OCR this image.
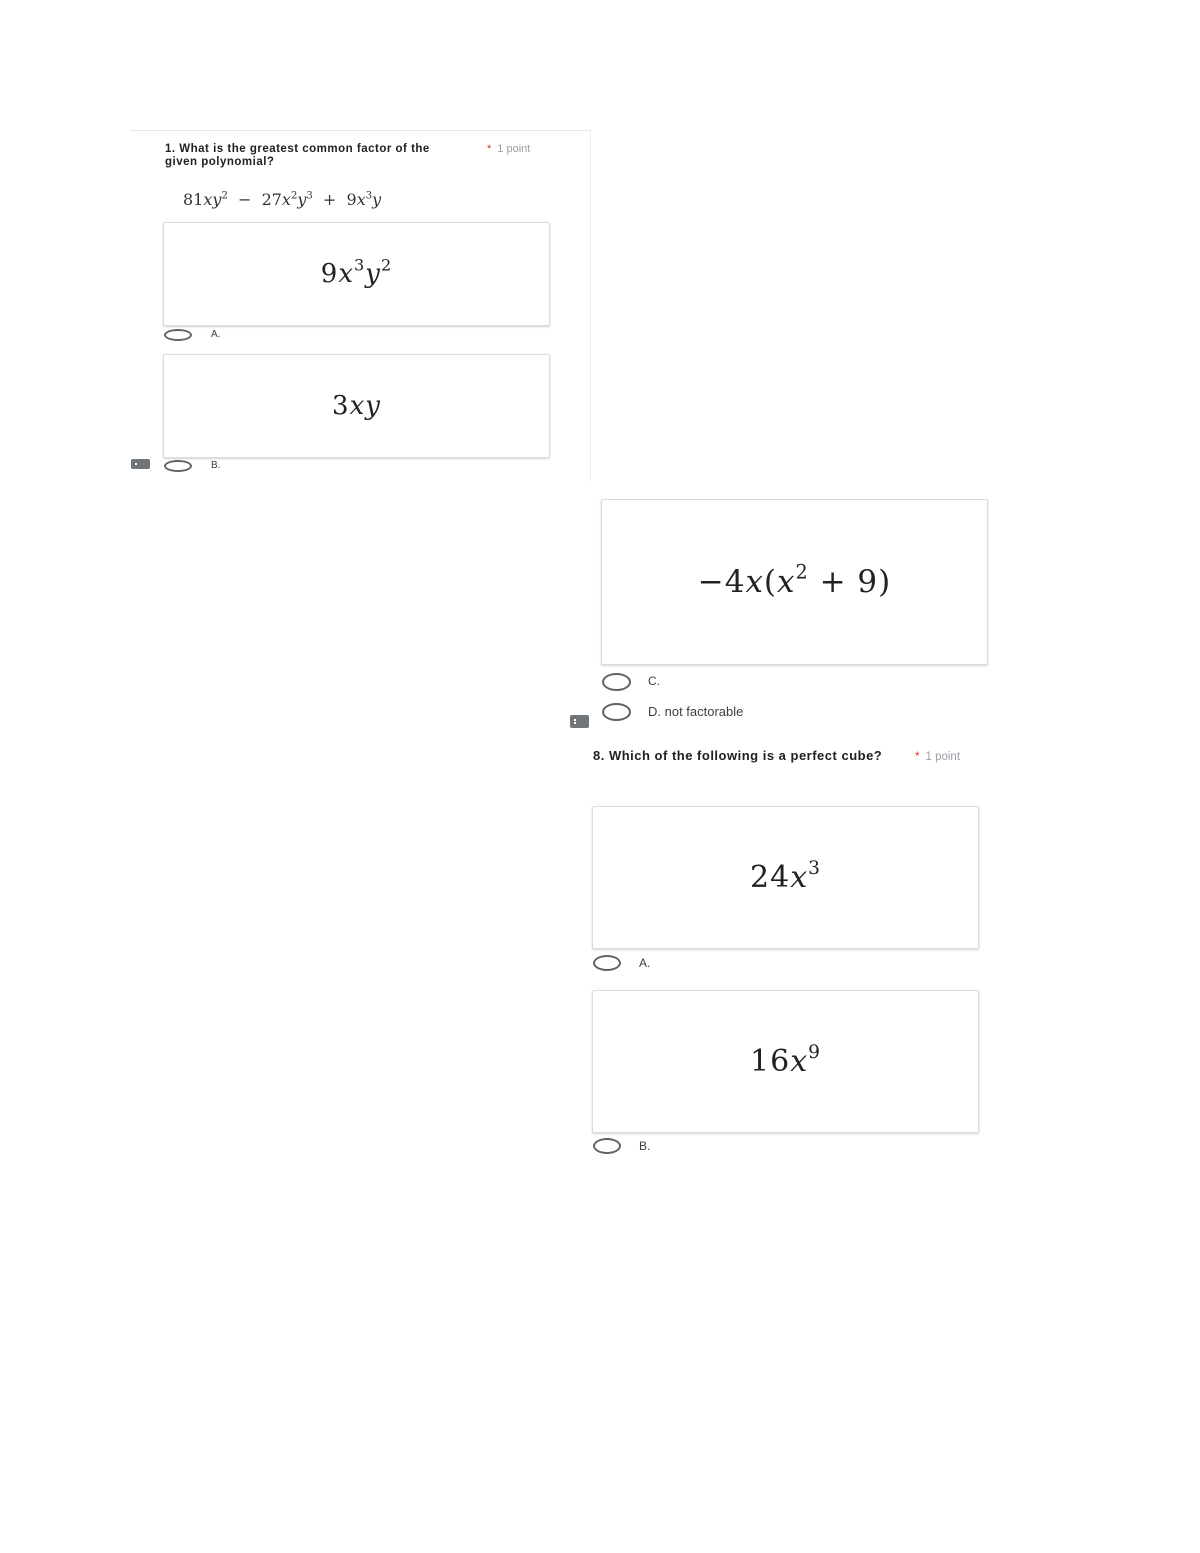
1. What is the greatest common factor of the given polynomial?
* 1 point
$81xy^2 - 27x^2y^3 + 9x^3y$
$9x^3y^2$
A.
3xy
B.
$-4x(x^2 + 9)$
C.
D. not factorable
8. Which of the following is a perfect cube?	* 1 point
$24x^3$
A.
$16x^9$
B.
